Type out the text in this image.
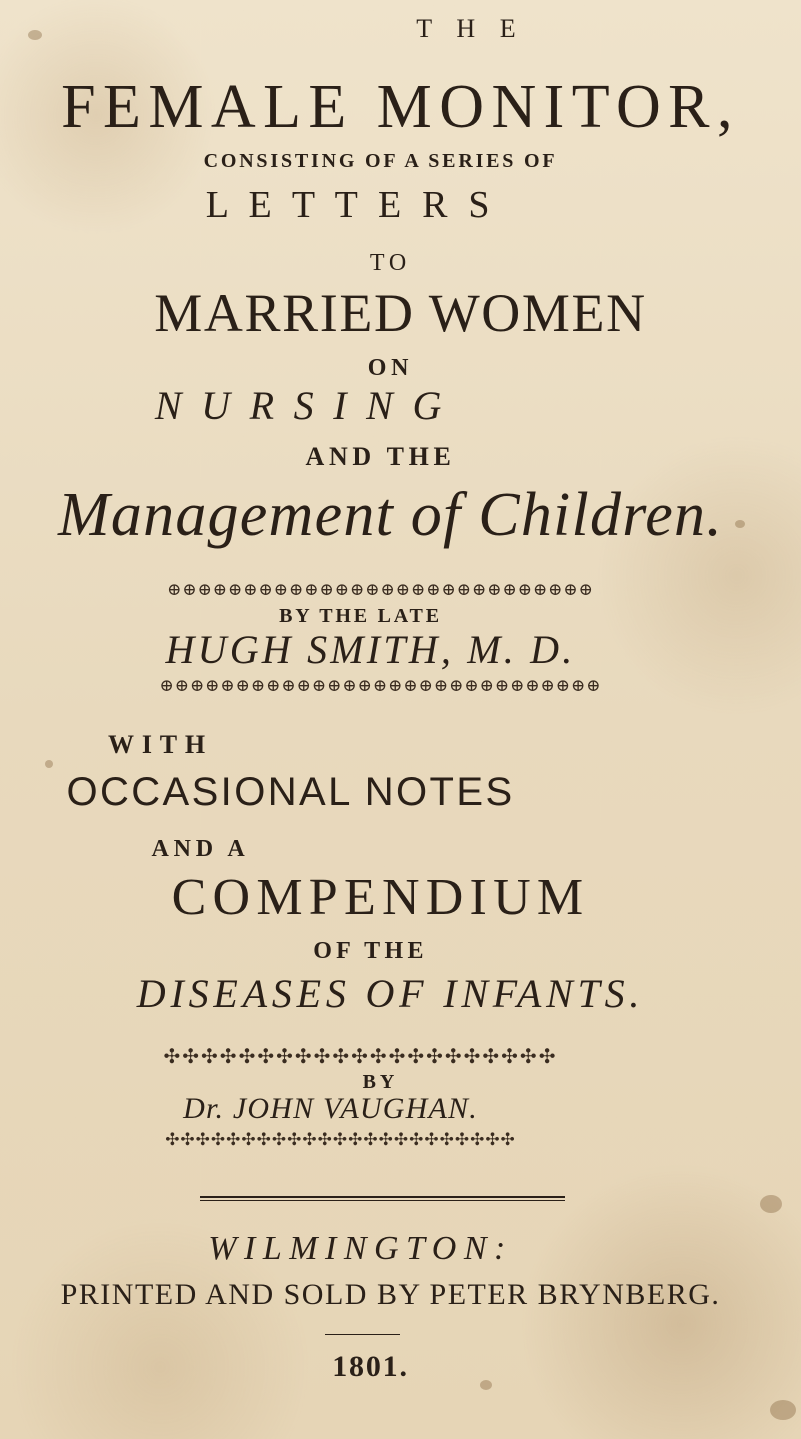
T H E
FEMALE MONITOR,
CONSISTING OF A SERIES OF
L E T T E R S
TO
MARRIED WOMEN
ON
N U R S I N G
AND THE
Management of Children.
⊕⊕⊕⊕⊕⊕⊕⊕⊕⊕⊕⊕⊕⊕⊕⊕⊕⊕⊕⊕⊕⊕⊕⊕⊕⊕⊕⊕
BY THE LATE
HUGH SMITH, M. D.
⊕⊕⊕⊕⊕⊕⊕⊕⊕⊕⊕⊕⊕⊕⊕⊕⊕⊕⊕⊕⊕⊕⊕⊕⊕⊕⊕⊕⊕
WITH
OCCASIONAL NOTES
AND A
COMPENDIUM
OF THE
DISEASES OF INFANTS.
✣✣✣✣✣✣✣✣✣✣✣✣✣✣✣✣✣✣✣✣✣
BY
Dr. JOHN VAUGHAN.
✣✣✣✣✣✣✣✣✣✣✣✣✣✣✣✣✣✣✣✣✣✣✣
WILMINGTON:
PRINTED AND SOLD BY PETER BRYNBERG.
1801.
